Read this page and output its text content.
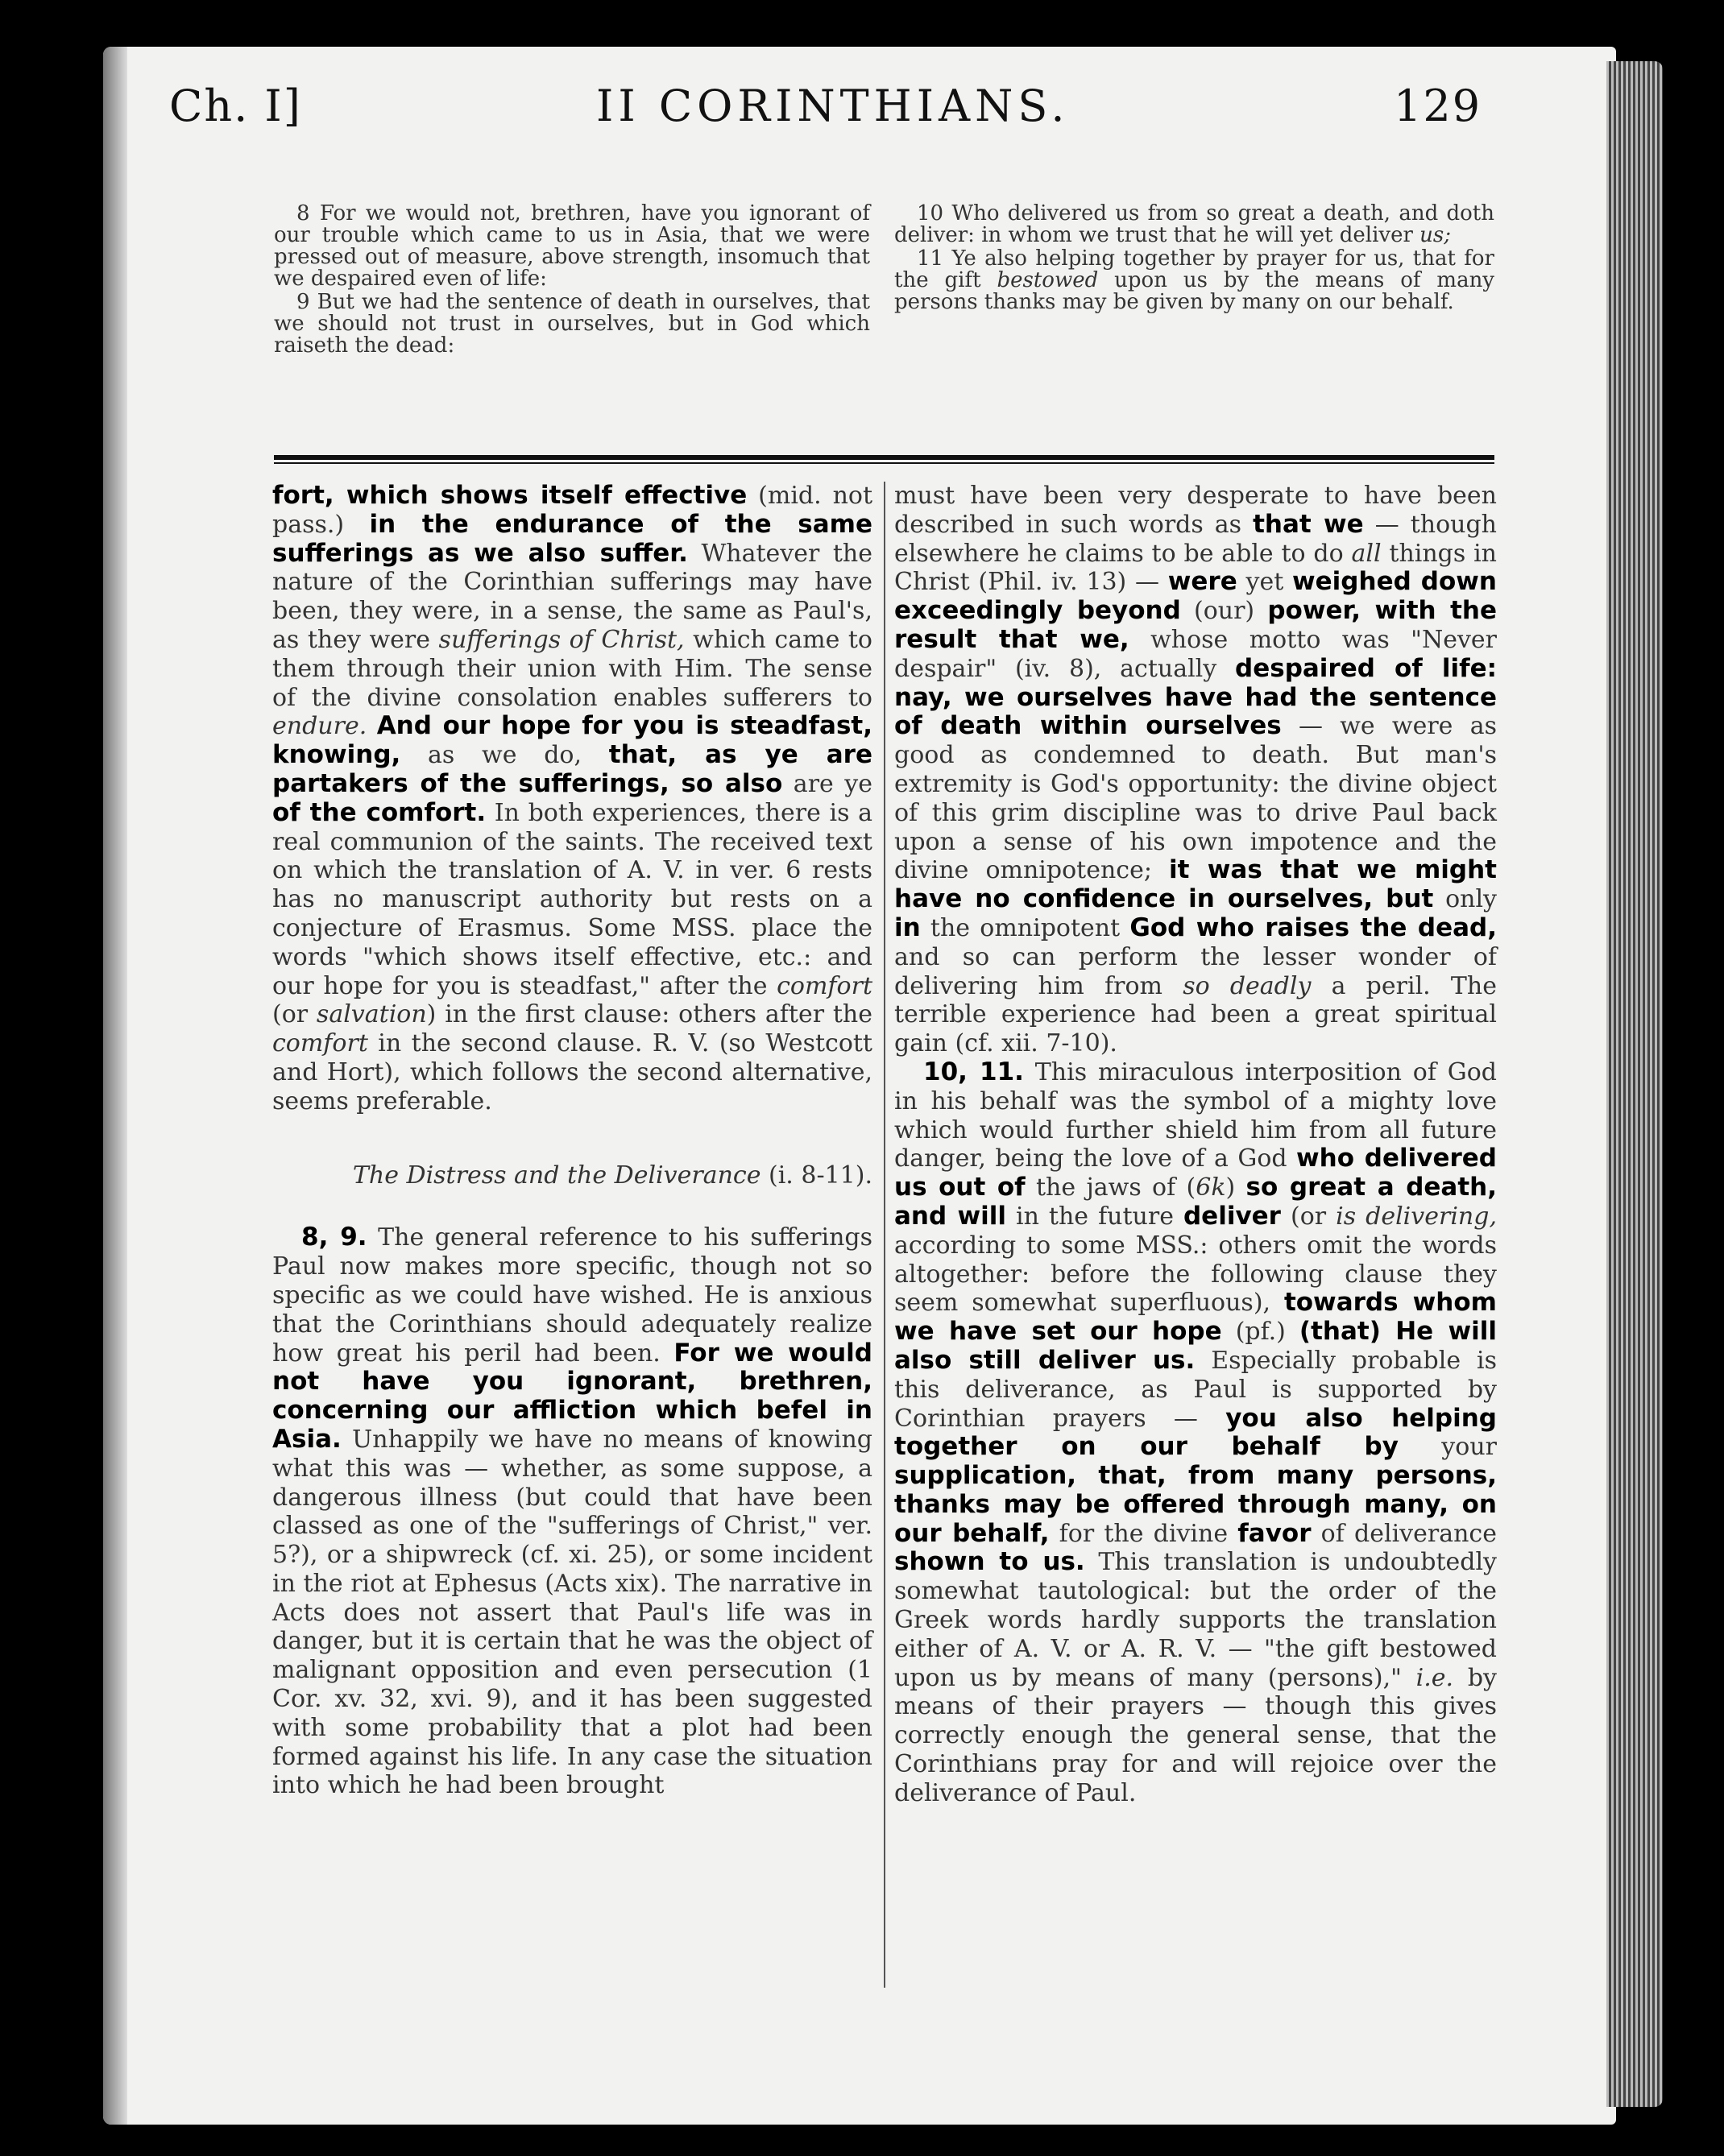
Ch. I]	II CORINTHIANS.	129

8 For we would not, brethren, have you ignorant of our trouble which came to us in Asia, that we were pressed out of measure, above strength, insomuch that we despaired even of life:

9 But we had the sentence of death in ourselves, that we should not trust in ourselves, but in God which raiseth the dead:

10 Who delivered us from so great a death, and doth deliver: in whom we trust that he will yet deliver us;

11 Ye also helping together by prayer for us, that for the gift bestowed upon us by the means of many persons thanks may be given by many on our behalf.

fort, which shows itself effective (mid. not pass.) in the endurance of the same sufferings as we also suffer. Whatever the nature of the Corinthian sufferings may have been, they were, in a sense, the same as Paul's, as they were sufferings of Christ, which came to them through their union with Him. The sense of the divine consolation enables sufferers to endure. And our hope for you is steadfast, knowing, as we do, that, as ye are partakers of the sufferings, so also are ye of the comfort. In both experiences, there is a real communion of the saints. The received text on which the translation of A. V. in ver. 6 rests has no manuscript authority but rests on a conjecture of Erasmus. Some MSS. place the words "which shows itself effective, etc.: and our hope for you is steadfast," after the comfort (or salvation) in the first clause: others after the comfort in the second clause. R. V. (so Westcott and Hort), which follows the second alternative, seems preferable.

The Distress and the Deliverance (i. 8-11).

8, 9. The general reference to his sufferings Paul now makes more specific, though not so specific as we could have wished. He is anxious that the Corinthians should adequately realize how great his peril had been. For we would not have you ignorant, brethren, concerning our affliction which befel in Asia. Unhappily we have no means of knowing what this was — whether, as some suppose, a dangerous illness (but could that have been classed as one of the "sufferings of Christ," ver. 5?), or a shipwreck (cf. xi. 25), or some incident in the riot at Ephesus (Acts xix). The narrative in Acts does not assert that Paul's life was in danger, but it is certain that he was the object of malignant opposition and even persecution (1 Cor. xv. 32, xvi. 9), and it has been suggested with some probability that a plot had been formed against his life. In any case the situation into which he had been brought

must have been very desperate to have been described in such words as that we — though elsewhere he claims to be able to do all things in Christ (Phil. iv. 13) — were yet weighed down exceedingly beyond (our) power, with the result that we, whose motto was "Never despair" (iv. 8), actually despaired of life: nay, we ourselves have had the sentence of death within ourselves — we were as good as condemned to death. But man's extremity is God's opportunity: the divine object of this grim discipline was to drive Paul back upon a sense of his own impotence and the divine omnipotence; it was that we might have no confidence in ourselves, but only in the omnipotent God who raises the dead, and so can perform the lesser wonder of delivering him from so deadly a peril. The terrible experience had been a great spiritual gain (cf. xii. 7-10).

10, 11. This miraculous interposition of God in his behalf was the symbol of a mighty love which would further shield him from all future danger, being the love of a God who delivered us out of the jaws of (6k) so great a death, and will in the future deliver (or is delivering, according to some MSS.: others omit the words altogether: before the following clause they seem somewhat superfluous), towards whom we have set our hope (pf.) (that) He will also still deliver us. Especially probable is this deliverance, as Paul is supported by Corinthian prayers — you also helping together on our behalf by your supplication, that, from many persons, thanks may be offered through many, on our behalf, for the divine favor of deliverance shown to us. This translation is undoubtedly somewhat tautological: but the order of the Greek words hardly supports the translation either of A. V. or A. R. V. — "the gift bestowed upon us by means of many (persons)," i.e. by means of their prayers — though this gives correctly enough the general sense, that the Corinthians pray for and will rejoice over the deliverance of Paul.
